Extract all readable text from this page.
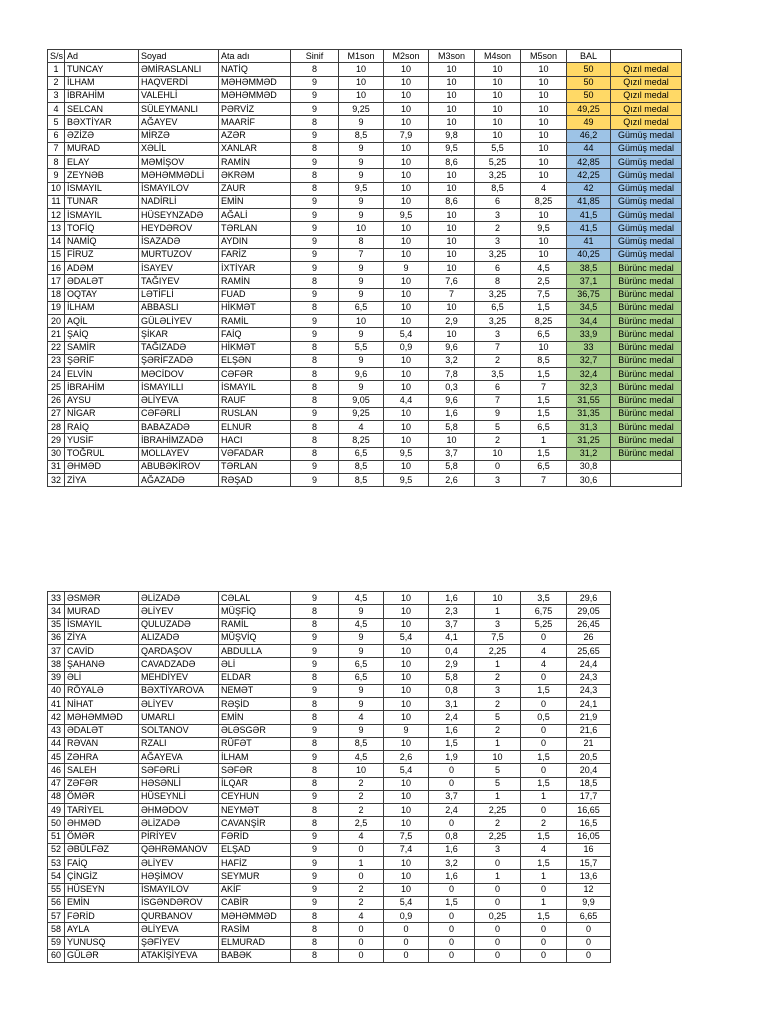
S/s	Ad	Soyad	Ata adı	Sinif	M1son	M2son	M3son	M4son	M5son	BAL	
1	TUNCAY	ƏMİRASLANLI	NATİQ	8	10	10	10	10	10	50	Qızıl medal
2	İLHAM	HAQVERDİ	MƏHƏMMƏD	9	10	10	10	10	10	50	Qızıl medal
3	İBRAHİM	VALEHLİ	MƏHƏMMƏD	9	10	10	10	10	10	50	Qızıl medal
4	SELCAN	SÜLEYMANLI	PƏRVİZ	9	9,25	10	10	10	10	49,25	Qızıl medal
5	BƏXTİYAR	AĞAYEV	MAARİF	8	9	10	10	10	10	49	Qızıl medal
6	ƏZİZƏ	MİRZƏ	AZƏR	9	8,5	7,9	9,8	10	10	46,2	Gümüş medal
7	MURAD	XƏLİL	XANLAR	8	9	10	9,5	5,5	10	44	Gümüş medal
8	ELAY	MƏMİŞOV	RAMİN	9	9	10	8,6	5,25	10	42,85	Gümüş medal
9	ZEYNƏB	MƏHƏMMƏDLİ	ƏKRƏM	8	9	10	10	3,25	10	42,25	Gümüş medal
10	İSMAYIL	İSMAYILOV	ZAUR	8	9,5	10	10	8,5	4	42	Gümüş medal
11	TUNAR	NADİRLİ	EMİN	9	9	10	8,6	6	8,25	41,85	Gümüş medal
12	İSMAYIL	HÜSEYNZADƏ	AĞALİ	9	9	9,5	10	3	10	41,5	Gümüş medal
13	TOFİQ	HEYDƏROV	TƏRLAN	9	10	10	10	2	9,5	41,5	Gümüş medal
14	NAMİQ	İSAZADƏ	AYDIN	9	8	10	10	3	10	41	Gümüş medal
15	FİRUZ	MURTUZOV	FARİZ	9	7	10	10	3,25	10	40,25	Gümüş medal
16	ADƏM	İSAYEV	İXTİYAR	9	9	9	10	6	4,5	38,5	Bürünc medal
17	ƏDALƏT	TAĞIYEV	RAMİN	8	9	10	7,6	8	2,5	37,1	Bürünc medal
18	OQTAY	LƏTİFLİ	FUAD	9	9	10	7	3,25	7,5	36,75	Bürünc medal
19	İLHAM	ABBASLI	HİKMƏT	8	6,5	10	10	6,5	1,5	34,5	Bürünc medal
20	AQİL	GÜLƏLİYEV	RAMİL	9	10	10	2,9	3,25	8,25	34,4	Bürünc medal
21	ŞAİQ	ŞİKAR	FAİQ	9	9	5,4	10	3	6,5	33,9	Bürünc medal
22	SAMİR	TAĞIZADƏ	HİKMƏT	8	5,5	0,9	9,6	7	10	33	Bürünc medal
23	ŞƏRİF	ŞƏRİFZADƏ	ELŞƏN	8	9	10	3,2	2	8,5	32,7	Bürünc medal
24	ELVİN	MƏCİDOV	CƏFƏR	8	9,6	10	7,8	3,5	1,5	32,4	Bürünc medal
25	İBRAHİM	İSMAYILLI	İSMAYIL	8	9	10	0,3	6	7	32,3	Bürünc medal
26	AYSU	ƏLİYEVA	RAUF	8	9,05	4,4	9,6	7	1,5	31,55	Bürünc medal
27	NİGAR	CƏFƏRLİ	RUSLAN	9	9,25	10	1,6	9	1,5	31,35	Bürünc medal
28	RAİQ	BABAZADƏ	ELNUR	8	4	10	5,8	5	6,5	31,3	Bürünc medal
29	YUSİF	İBRAHİMZADƏ	HACI	8	8,25	10	10	2	1	31,25	Bürünc medal
30	TOĞRUL	MOLLAYEV	VƏFADAR	8	6,5	9,5	3,7	10	1,5	31,2	Bürünc medal
31	ƏHMƏD	ABUBƏKİROV	TƏRLAN	9	8,5	10	5,8	0	6,5	30,8	
32	ZİYA	AĞAZADƏ	RƏŞAD	9	8,5	9,5	2,6	3	7	30,6	
33	ƏSMƏR	ƏLİZADƏ	CƏLAL	9	4,5	10	1,6	10	3,5	29,6
34	MURAD	ƏLİYEV	MÜŞFİQ	8	9	10	2,3	1	6,75	29,05
35	İSMAYIL	QULUZADƏ	RAMİL	8	4,5	10	3,7	3	5,25	26,45
36	ZİYA	ALIZADƏ	MÜŞVİQ	9	9	5,4	4,1	7,5	0	26
37	CAVİD	QARDAŞOV	ABDULLA	9	9	10	0,4	2,25	4	25,65
38	ŞAHANƏ	CAVADZADƏ	ƏLİ	9	6,5	10	2,9	1	4	24,4
39	ƏLİ	MEHDİYEV	ELDAR	8	6,5	10	5,8	2	0	24,3
40	RÖYALƏ	BƏXTİYAROVA	NEMƏT	9	9	10	0,8	3	1,5	24,3
41	NİHAT	ƏLİYEV	RƏŞİD	8	9	10	3,1	2	0	24,1
42	MƏHƏMMƏD	UMARLI	EMİN	8	4	10	2,4	5	0,5	21,9
43	ƏDALƏT	SOLTANOV	ƏLƏSGƏR	9	9	9	1,6	2	0	21,6
44	RƏVAN	RZALI	RÜFƏT	8	8,5	10	1,5	1	0	21
45	ZƏHRA	AĞAYEVA	İLHAM	9	4,5	2,6	1,9	10	1,5	20,5
46	SALEH	SƏFƏRLİ	SƏFƏR	8	10	5,4	0	5	0	20,4
47	ZƏFƏR	HƏSƏNLİ	İLQAR	8	2	10	0	5	1,5	18,5
48	ÖMƏR	HÜSEYNLİ	CEYHUN	9	2	10	3,7	1	1	17,7
49	TARİYEL	ƏHMƏDOV	NEYMƏT	8	2	10	2,4	2,25	0	16,65
50	ƏHMƏD	ƏLİZADƏ	CAVANŞİR	8	2,5	10	0	2	2	16,5
51	ÖMƏR	PİRİYEV	FƏRİD	9	4	7,5	0,8	2,25	1,5	16,05
52	ƏBÜLFƏZ	QƏHRƏMANOV	ELŞAD	9	0	7,4	1,6	3	4	16
53	FAİQ	ƏLİYEV	HAFİZ	9	1	10	3,2	0	1,5	15,7
54	ÇİNGİZ	HƏŞİMOV	SEYMUR	9	0	10	1,6	1	1	13,6
55	HÜSEYN	İSMAYILOV	AKİF	9	2	10	0	0	0	12
56	EMİN	İSGƏNDƏROV	CABİR	9	2	5,4	1,5	0	1	9,9
57	FƏRİD	QURBANOV	MƏHƏMMƏD	8	4	0,9	0	0,25	1,5	6,65
58	AYLA	ƏLİYEVA	RASİM	8	0	0	0	0	0	0
59	YUNUSQ	ŞƏFİYEV	ELMURAD	8	0	0	0	0	0	0
60	GÜLƏR	ATAKİŞİYEVA	BABƏK	8	0	0	0	0	0	0
